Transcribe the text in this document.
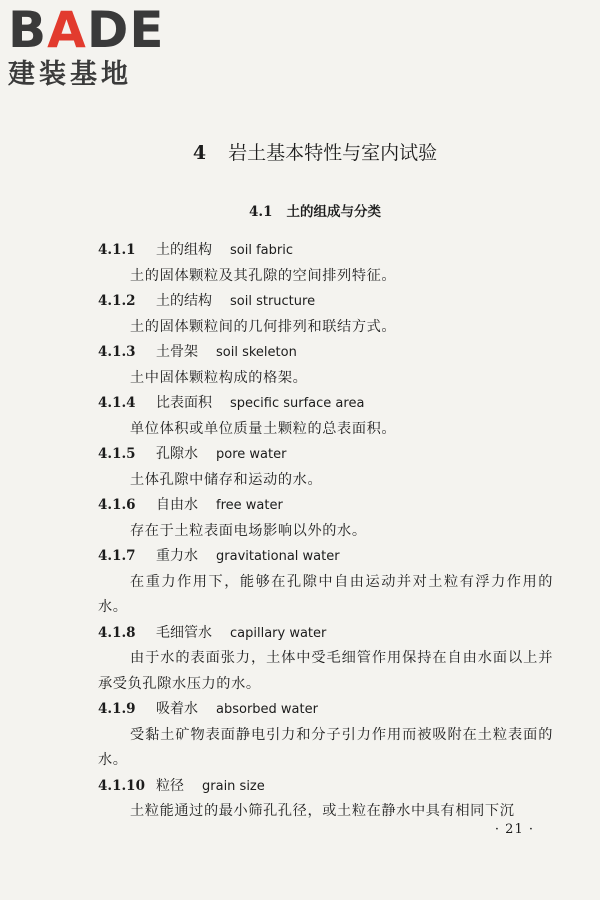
BADE
建装基地
4 岩土基本特性与室内试验
4.1 土的组成与分类
4.1.1 土的组构 soil fabric

土的固体颗粒及其孔隙的空间排列特征。

4.1.2 土的结构 soil structure

土的固体颗粒间的几何排列和联结方式。

4.1.3 土骨架 soil skeleton

土中固体颗粒构成的格架。

4.1.4 比表面积 specific surface area

单位体积或单位质量土颗粒的总表面积。

4.1.5 孔隙水 pore water

土体孔隙中储存和运动的水。

4.1.6 自由水 free water

存在于土粒表面电场影响以外的水。

4.1.7 重力水 gravitational water

在重力作用下，能够在孔隙中自由运动并对土粒有浮力作用的水。

4.1.8 毛细管水 capillary water

由于水的表面张力，土体中受毛细管作用保持在自由水面以上并承受负孔隙水压力的水。

4.1.9 吸着水 absorbed water

受黏土矿物表面静电引力和分子引力作用而被吸附在土粒表面的水。

4.1.10 粒径 grain size

土粒能通过的最小筛孔孔径，或土粒在静水中具有相同下沉

· 21 ·
